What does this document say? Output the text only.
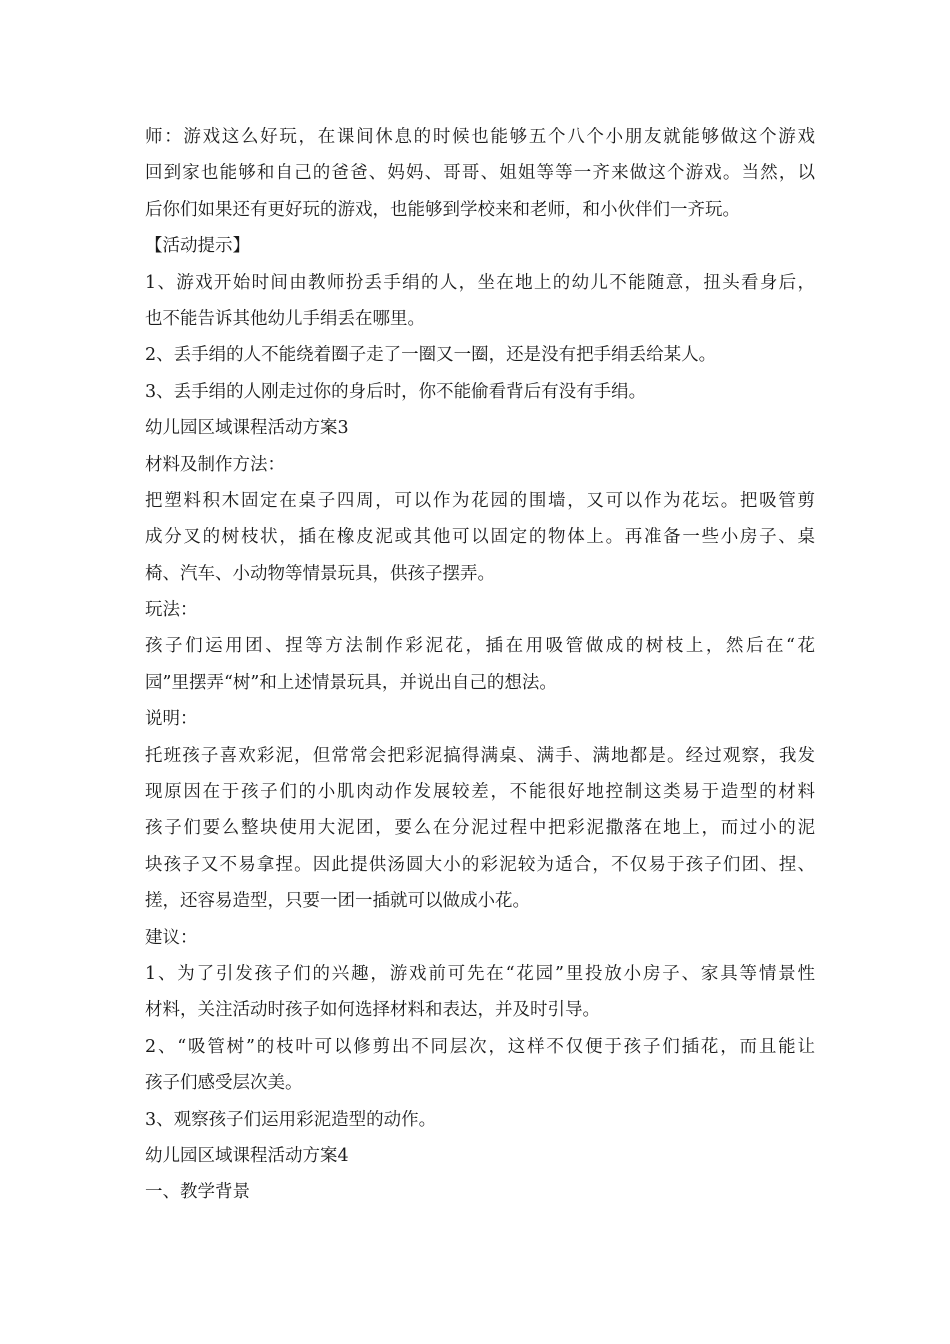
师：游戏这么好玩，在课间休息的时候也能够五个八个小朋友就能够做这个游戏
回到家也能够和自己的爸爸、妈妈、哥哥、姐姐等等一齐来做这个游戏。当然，以
后你们如果还有更好玩的游戏，也能够到学校来和老师，和小伙伴们一齐玩。
【活动提示】
1、游戏开始时间由教师扮丢手绢的人，坐在地上的幼儿不能随意，扭头看身后，
也不能告诉其他幼儿手绢丢在哪里。
2、丢手绢的人不能绕着圈子走了一圈又一圈，还是没有把手绢丢给某人。
3、丢手绢的人刚走过你的身后时，你不能偷看背后有没有手绢。
幼儿园区域课程活动方案3
材料及制作方法：
把塑料积木固定在桌子四周，可以作为花园的围墙，又可以作为花坛。把吸管剪
成分叉的树枝状，插在橡皮泥或其他可以固定的物体上。再准备一些小房子、桌
椅、汽车、小动物等情景玩具，供孩子摆弄。
玩法：
孩子们运用团、捏等方法制作彩泥花，插在用吸管做成的树枝上，然后在“花
园”里摆弄“树”和上述情景玩具，并说出自己的想法。
说明：
托班孩子喜欢彩泥，但常常会把彩泥搞得满桌、满手、满地都是。经过观察，我发
现原因在于孩子们的小肌肉动作发展较差，不能很好地控制这类易于造型的材料
孩子们要么整块使用大泥团，要么在分泥过程中把彩泥撒落在地上，而过小的泥
块孩子又不易拿捏。因此提供汤圆大小的彩泥较为适合，不仅易于孩子们团、捏、
搓，还容易造型，只要一团一插就可以做成小花。
建议：
1、为了引发孩子们的兴趣，游戏前可先在“花园”里投放小房子、家具等情景性
材料，关注活动时孩子如何选择材料和表达，并及时引导。
2、“吸管树”的枝叶可以修剪出不同层次，这样不仅便于孩子们插花，而且能让
孩子们感受层次美。
3、观察孩子们运用彩泥造型的动作。
幼儿园区域课程活动方案4
一、教学背景
